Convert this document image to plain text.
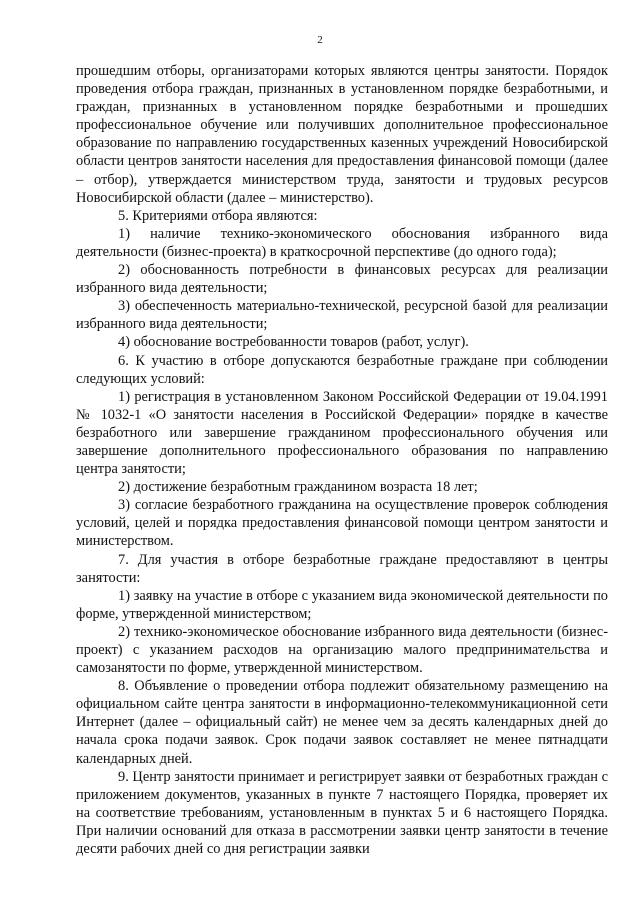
2

прошедшим отборы, организаторами которых являются центры занятости. Порядок проведения отбора граждан, признанных в установленном порядке безработными, и граждан, признанных в установленном порядке безработными и прошедших профессиональное обучение или получивших дополнительное профессиональное образование по направлению государственных казенных учреждений Новосибирской области центров занятости населения для предоставления финансовой помощи (далее – отбор), утверждается министерством труда, занятости и трудовых ресурсов Новосибирской области (далее – министерство).

5. Критериями отбора являются:

1) наличие технико-экономического обоснования избранного вида деятельности (бизнес-проекта) в краткосрочной перспективе (до одного года);

2) обоснованность потребности в финансовых ресурсах для реализации избранного вида деятельности;

3) обеспеченность материально-технической, ресурсной базой для реализации избранного вида деятельности;

4) обоснование востребованности товаров (работ, услуг).

6. К участию в отборе допускаются безработные граждане при соблюдении следующих условий:

1) регистрация в установленном Законом Российской Федерации от 19.04.1991 № 1032-1 «О занятости населения в Российской Федерации» порядке в качестве безработного или завершение гражданином профессионального обучения или завершение дополнительного профессионального образования по направлению центра занятости;

2) достижение безработным гражданином возраста 18 лет;

3) согласие безработного гражданина на осуществление проверок соблюдения условий, целей и порядка предоставления финансовой помощи центром занятости и министерством.

7. Для участия в отборе безработные граждане предоставляют в центры занятости:

1) заявку на участие в отборе с указанием вида экономической деятельности по форме, утвержденной министерством;

2) технико-экономическое обоснование избранного вида деятельности (бизнес-проект) с указанием расходов на организацию малого предпринимательства и самозанятости по форме, утвержденной министерством.

8. Объявление о проведении отбора подлежит обязательному размещению на официальном сайте центра занятости в информационно-телекоммуникационной сети Интернет (далее – официальный сайт) не менее чем за десять календарных дней до начала срока подачи заявок. Срок подачи заявок составляет не менее пятнадцати календарных дней.

9. Центр занятости принимает и регистрирует заявки от безработных граждан с приложением документов, указанных в пункте 7 настоящего Порядка, проверяет их на соответствие требованиям, установленным в пунктах 5 и 6 настоящего Порядка. При наличии оснований для отказа в рассмотрении заявки центр занятости в течение десяти рабочих дней со дня регистрации заявки
